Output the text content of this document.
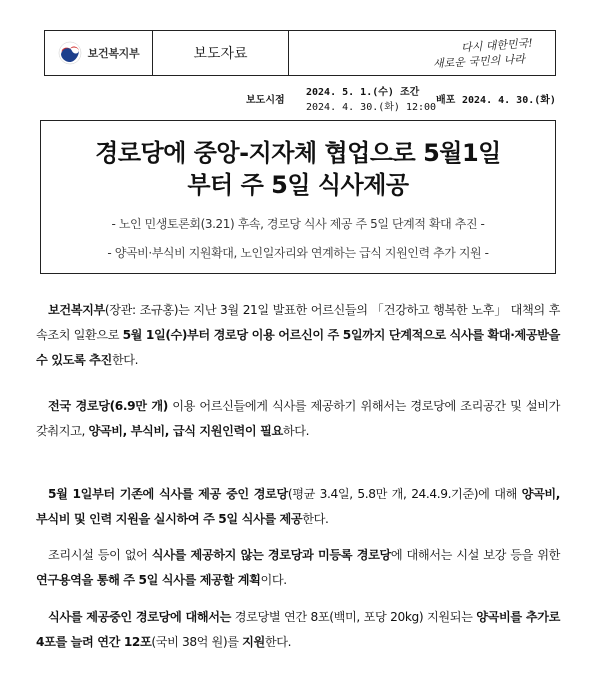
보건복지부	보도자료	다시 대한민국!
새로운 국민의 나라
보도시점
2024. 5. 1.(수) 조간
2024. 4. 30.(화) 12:00
배포 2024. 4. 30.(화)
경로당에 중앙-지자체 협업으로 5월1일
부터 주 5일 식사제공
- 노인 민생토론회(3.21) 후속, 경로당 식사 제공 주 5일 단계적 확대 추진 -
- 양곡비·부식비 지원확대, 노인일자리와 연계하는 급식 지원인력 추가 지원 -
보건복지부(장관: 조규홍)는 지난 3월 21일 발표한 어르신들의 「건강하고 행복한 노후」 대책의 후속조치 일환으로 5월 1일(수)부터 경로당 이용 어르신이 주 5일까지 단계적으로 식사를 확대·제공받을 수 있도록 추진한다.
전국 경로당(6.9만 개) 이용 어르신들에게 식사를 제공하기 위해서는 경로당에 조리공간 및 설비가 갖춰지고, 양곡비, 부식비, 급식 지원인력이 필요하다.
5월 1일부터 기존에 식사를 제공 중인 경로당(평균 3.4일, 5.8만 개, 24.4.9.기준)에 대해 양곡비, 부식비 및 인력 지원을 실시하여 주 5일 식사를 제공한다.
조리시설 등이 없어 식사를 제공하지 않는 경로당과 미등록 경로당에 대해서는 시설 보강 등을 위한 연구용역을 통해 주 5일 식사를 제공할 계획이다.
식사를 제공중인 경로당에 대해서는 경로당별 연간 8포(백미, 포당 20kg) 지원되는 양곡비를 추가로 4포를 늘려 연간 12포(국비 38억 원)를 지원한다.
